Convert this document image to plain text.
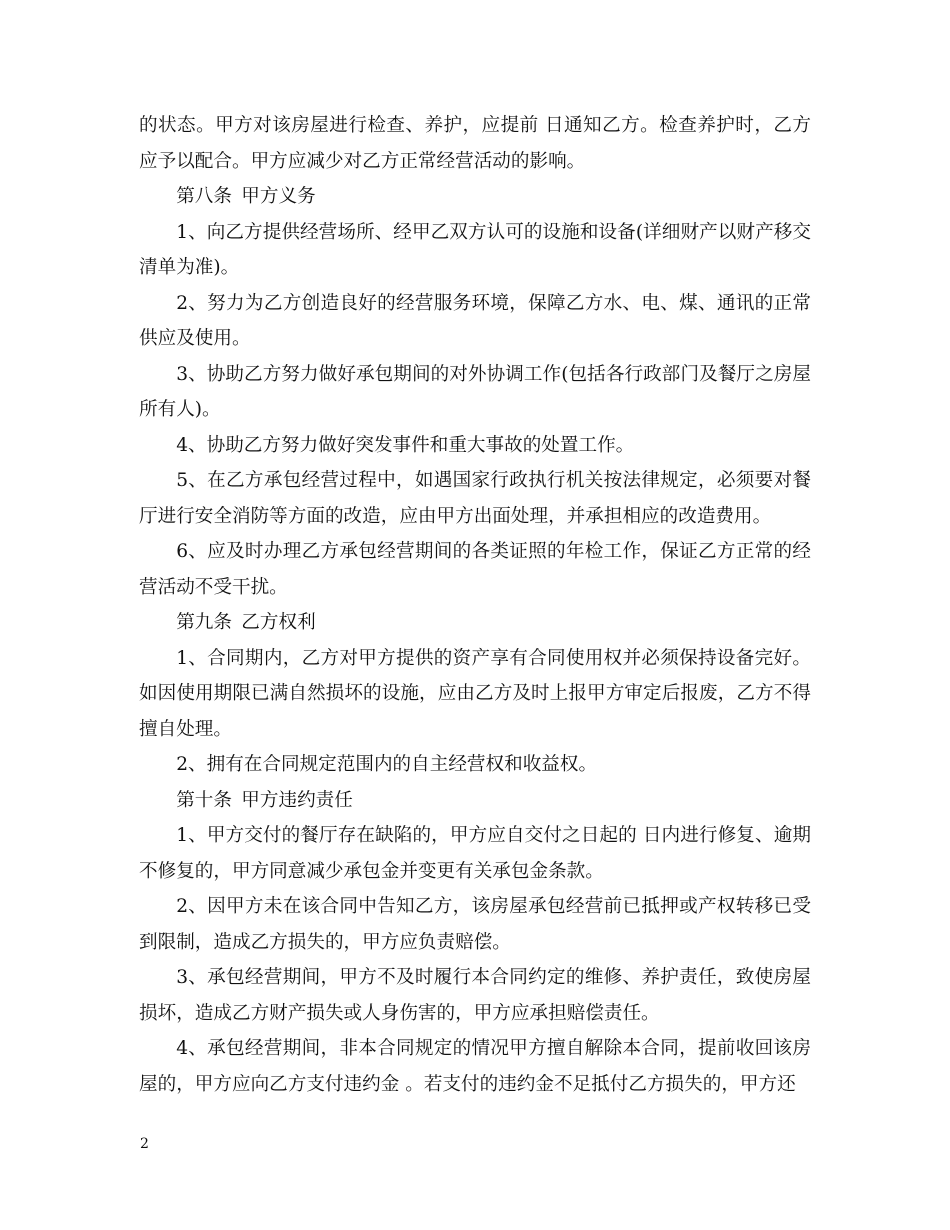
的状态。甲方对该房屋进行检查、养护，应提前 日通知乙方。检查养护时，乙方应予以配合。甲方应减少对乙方正常经营活动的影响。

第八条 甲方义务

1、向乙方提供经营场所、经甲乙双方认可的设施和设备(详细财产以财产移交清单为准)。

2、努力为乙方创造良好的经营服务环境，保障乙方水、电、煤、通讯的正常供应及使用。

3、协助乙方努力做好承包期间的对外协调工作(包括各行政部门及餐厅之房屋所有人)。

4、协助乙方努力做好突发事件和重大事故的处置工作。

5、在乙方承包经营过程中，如遇国家行政执行机关按法律规定，必须要对餐厅进行安全消防等方面的改造，应由甲方出面处理，并承担相应的改造费用。

6、应及时办理乙方承包经营期间的各类证照的年检工作，保证乙方正常的经营活动不受干扰。

第九条 乙方权利

1、合同期内，乙方对甲方提供的资产享有合同使用权并必须保持设备完好。如因使用期限已满自然损坏的设施，应由乙方及时上报甲方审定后报废，乙方不得擅自处理。

2、拥有在合同规定范围内的自主经营权和收益权。

第十条 甲方违约责任

1、甲方交付的餐厅存在缺陷的，甲方应自交付之日起的 日内进行修复、逾期不修复的，甲方同意减少承包金并变更有关承包金条款。

2、因甲方未在该合同中告知乙方，该房屋承包经营前已抵押或产权转移已受到限制，造成乙方损失的，甲方应负责赔偿。

3、承包经营期间，甲方不及时履行本合同约定的维修、养护责任，致使房屋损坏，造成乙方财产损失或人身伤害的，甲方应承担赔偿责任。

4、承包经营期间，非本合同规定的情况甲方擅自解除本合同，提前收回该房屋的，甲方应向乙方支付违约金 。若支付的违约金不足抵付乙方损失的，甲方还

2
